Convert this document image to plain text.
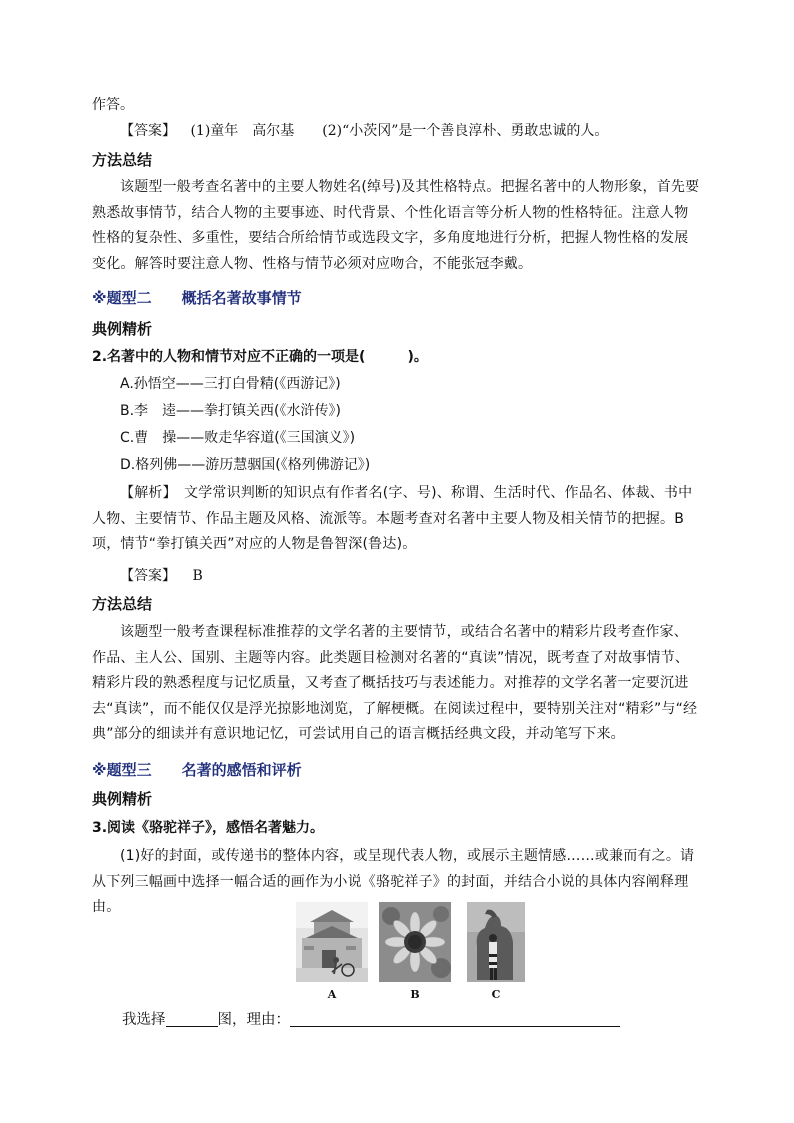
作答。
【答案】 (1)童年　高尔基　　(2)“小茨冈”是一个善良淳朴、勇敢忠诚的人。
方法总结
该题型一般考查名著中的主要人物姓名(绰号)及其性格特点。把握名著中的人物形象，首先要熟悉故事情节，结合人物的主要事迹、时代背景、个性化语言等分析人物的性格特征。注意人物性格的复杂性、多重性，要结合所给情节或选段文字，多角度地进行分析，把握人物性格的发展变化。解答时要注意人物、性格与情节必须对应吻合，不能张冠李戴。
※题型二　　概括名著故事情节
典例精析
2.名著中的人物和情节对应不正确的一项是(　　　)。
A.孙悟空——三打白骨精(《西游记》)
B.李　逵——拳打镇关西(《水浒传》)
C.曹　操——败走华容道(《三国演义》)
D.格列佛——游历慧骃国(《格列佛游记》)
【解析】　文学常识判断的知识点有作者名(字、号)、称谓、生活时代、作品名、体裁、书中人物、主要情节、作品主题及风格、流派等。本题考查对名著中主要人物及相关情节的把握。B项，情节“拳打镇关西”对应的人物是鲁智深(鲁达)。
【答案】 B
方法总结
该题型一般考查课程标准推荐的文学名著的主要情节，或结合名著中的精彩片段考查作家、作品、主人公、国别、主题等内容。此类题目检测对名著的“真读”情况，既考查了对故事情节、精彩片段的熟悉程度与记忆质量，又考查了概括技巧与表述能力。对推荐的文学名著一定要沉进去“真读”，而不能仅仅是浮光掠影地浏览，了解梗概。在阅读过程中，要特别关注对“精彩”与“经典”部分的细读并有意识地记忆，可尝试用自己的语言概括经典文段，并动笔写下来。
※题型三　　名著的感悟和评析
典例精析
3.阅读《骆驼祥子》，感悟名著魅力。
(1)好的封面，或传递书的整体内容，或呈现代表人物，或展示主题情感……或兼而有之。请从下列三幅画中选择一幅合适的画作为小说《骆驼祥子》的封面，并结合小说的具体内容阐释理由。
A	B	C
我选择	图，理由：
